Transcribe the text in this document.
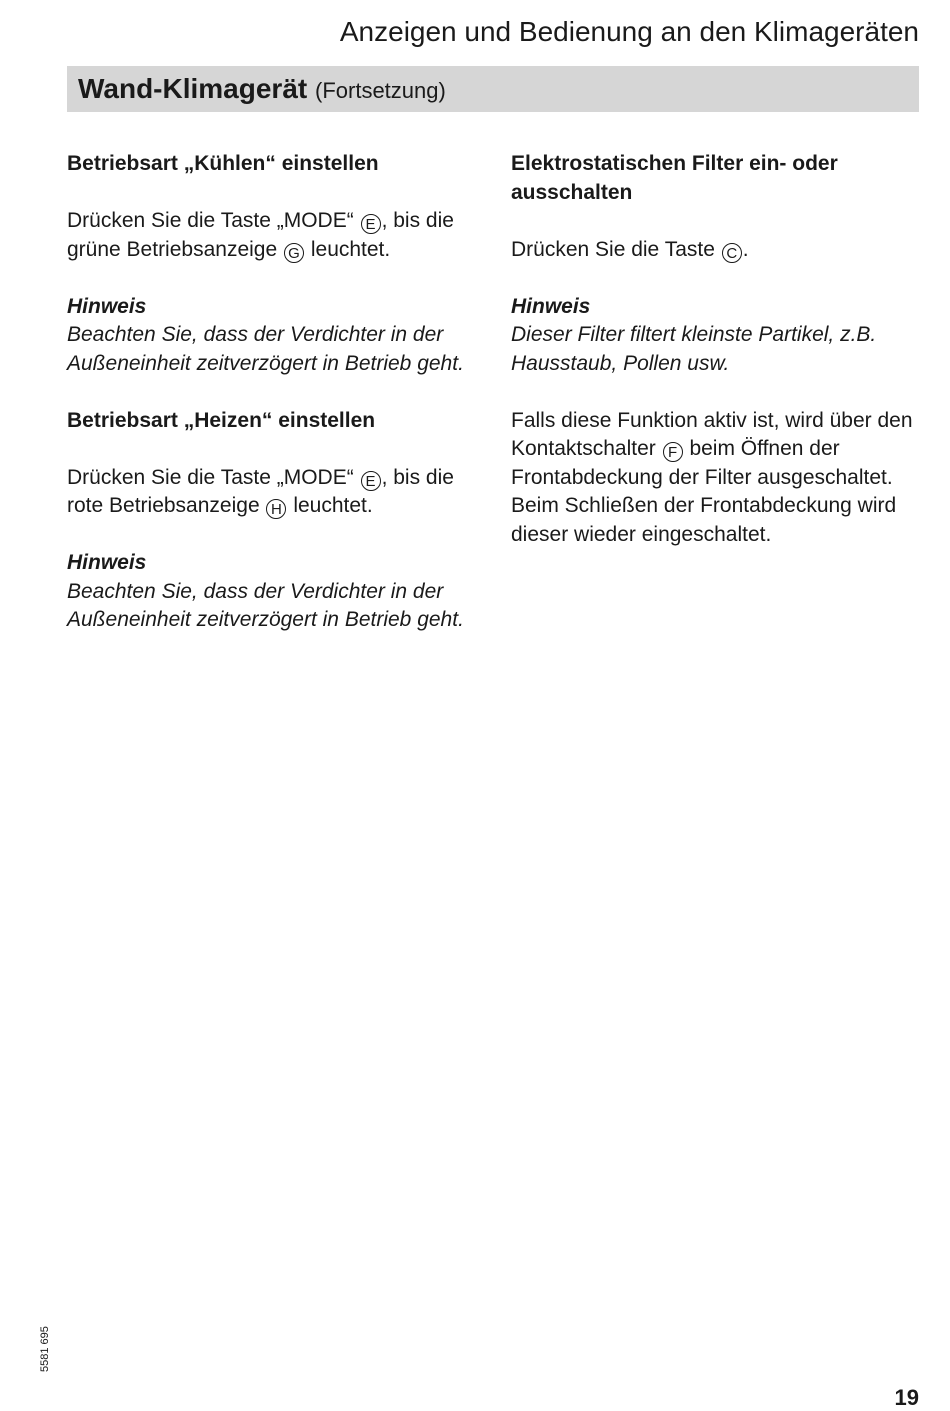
Anzeigen und Bedienung an den Klimageräten
Wand-Klimagerät (Fortsetzung)

Betriebsart „Kühlen“ einstellen

Drücken Sie die Taste „MODE“ E , bis die grüne Betriebsanzeige G leuchtet.

Hinweis

Beachten Sie, dass der Verdichter in der Außeneinheit zeitverzögert in Betrieb geht.

Betriebsart „Heizen“ einstellen

Drücken Sie die Taste „MODE“ E , bis die rote Betriebsanzeige H leuchtet.

Hinweis

Beachten Sie, dass der Verdichter in der Außeneinheit zeitverzögert in Betrieb geht.

Elektrostatischen Filter ein- oder ausschalten

Drücken Sie die Taste C .

Hinweis

Dieser Filter filtert kleinste Partikel, z.B. Hausstaub, Pollen usw.

Falls diese Funktion aktiv ist, wird über den Kontaktschalter F beim Öffnen der Frontabdeckung der Filter ausgeschaltet.

Beim Schließen der Frontabdeckung wird dieser wieder eingeschaltet.

5581 695
19
